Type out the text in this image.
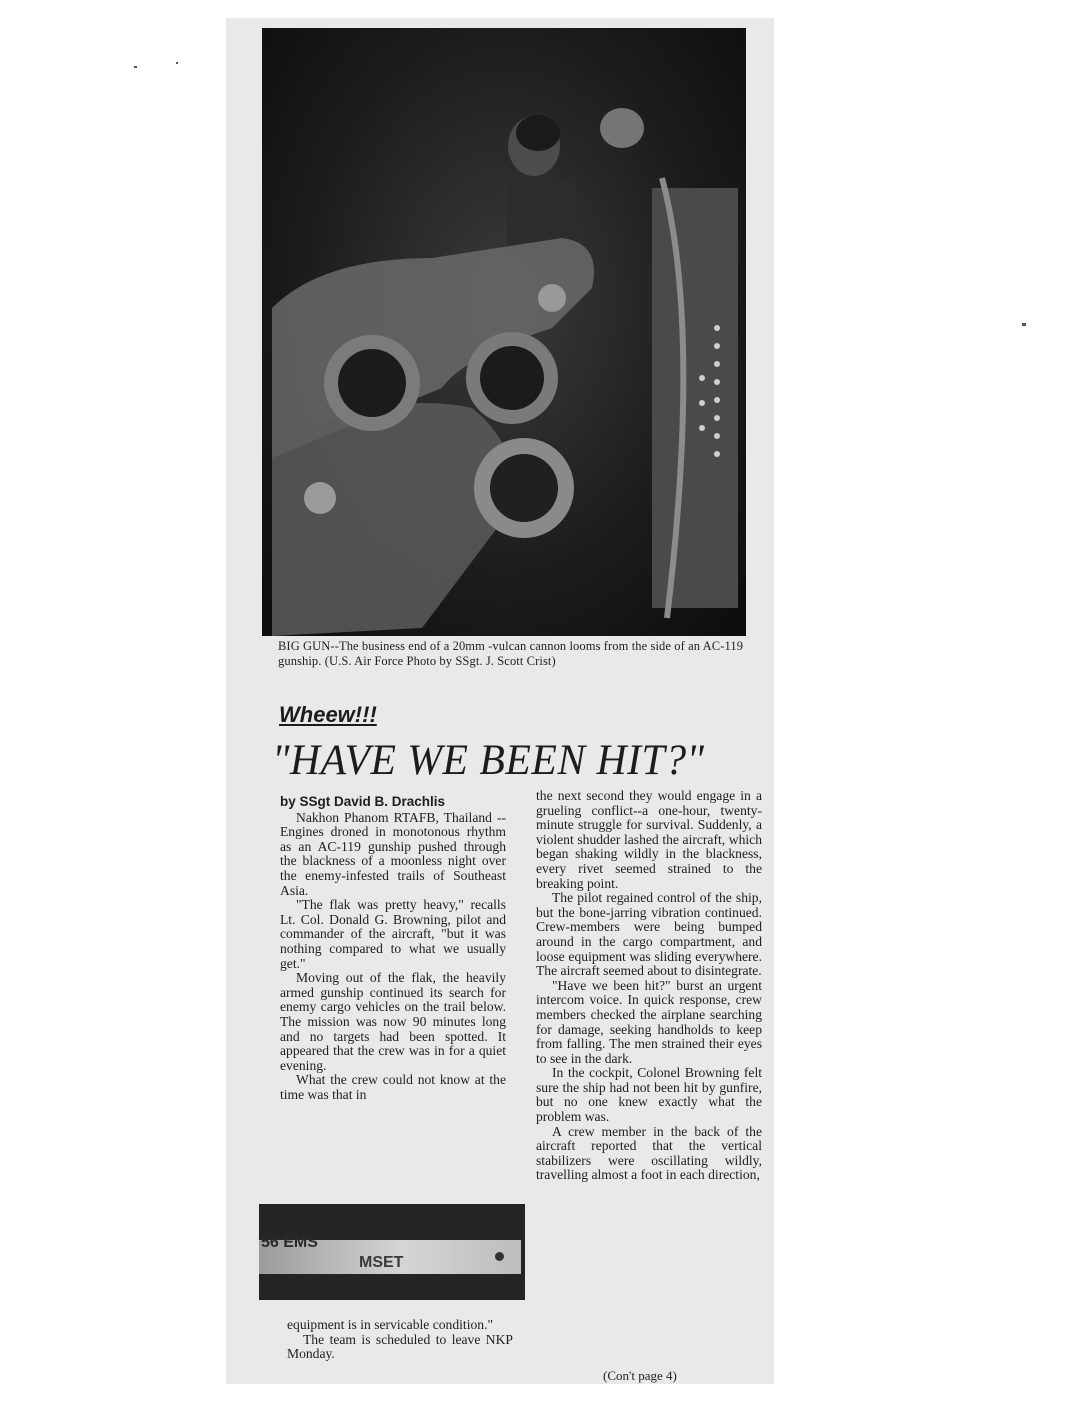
BIG GUN--The business end of a 20mm -vulcan cannon looms from the side of an AC-119 gunship. (U.S. Air Force Photo by SSgt. J. Scott Crist)
Wheew!!!
"HAVE WE BEEN HIT?"

by SSgt David B. Drachlis

Nakhon Phanom RTAFB, Thailand -- Engines droned in monotonous rhythm as an AC-119 gunship pushed through the blackness of a moonless night over the enemy-infested trails of Southeast Asia.

"The flak was pretty heavy," recalls Lt. Col. Donald G. Browning, pilot and commander of the aircraft, "but it was nothing compared to what we usually get."

Moving out of the flak, the heavily armed gunship continued its search for enemy cargo vehicles on the trail below. The mission was now 90 minutes long and no targets had been spotted. It appeared that the crew was in for a quiet evening.

What the crew could not know at the time was that in

56 EMS
MSET

equipment is in servicable condition."

The team is scheduled to leave NKP Monday.

the next second they would engage in a grueling conflict--a one-hour, twenty-minute struggle for survival. Suddenly, a violent shudder lashed the aircraft, which began shaking wildly in the blackness, every rivet seemed strained to the breaking point.

The pilot regained control of the ship, but the bone-jarring vibration continued. Crew-members were being bumped around in the cargo compartment, and loose equipment was sliding everywhere. The aircraft seemed about to disintegrate.

"Have we been hit?" burst an urgent intercom voice. In quick response, crew members checked the airplane searching for damage, seeking handholds to keep from falling. The men strained their eyes to see in the dark.

In the cockpit, Colonel Browning felt sure the ship had not been hit by gunfire, but no one knew exactly what the problem was.

A crew member in the back of the aircraft reported that the vertical stabilizers were oscillating wildly, travelling almost a foot in each direction,

(Con't page 4)
